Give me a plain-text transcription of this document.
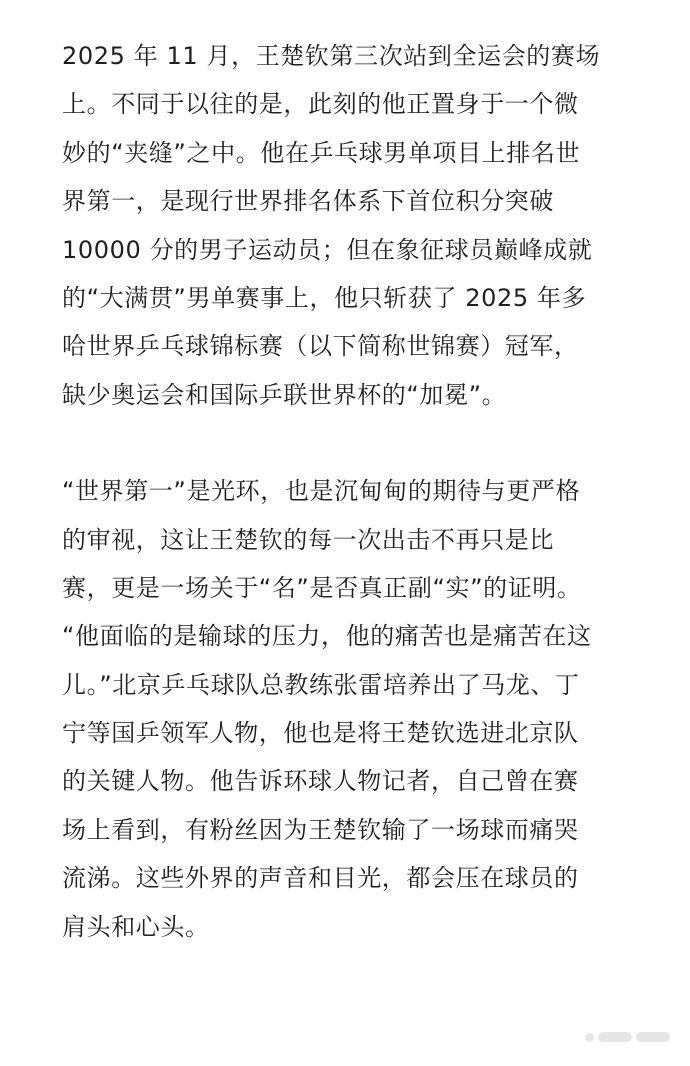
2025 年 11 月，王楚钦第三次站到全运会的赛场
上。不同于以往的是，此刻的他正置身于一个微
妙的“夹缝”之中。他在乒乓球男单项目上排名世
界第一，是现行世界排名体系下首位积分突破
10000 分的男子运动员；但在象征球员巅峰成就
的“大满贯”男单赛事上，他只斩获了 2025 年多
哈世界乒乓球锦标赛（以下简称世锦赛）冠军，
缺少奥运会和国际乒联世界杯的“加冕”。
“世界第一”是光环，也是沉甸甸的期待与更严格
的审视，这让王楚钦的每一次出击不再只是比
赛，更是一场关于“名”是否真正副“实”的证明。
“他面临的是输球的压力，他的痛苦也是痛苦在这
儿。”北京乒乓球队总教练张雷培养出了马龙、丁
宁等国乒领军人物，他也是将王楚钦选进北京队
的关键人物。他告诉环球人物记者，自己曾在赛
场上看到，有粉丝因为王楚钦输了一场球而痛哭
流涕。这些外界的声音和目光，都会压在球员的
肩头和心头。
